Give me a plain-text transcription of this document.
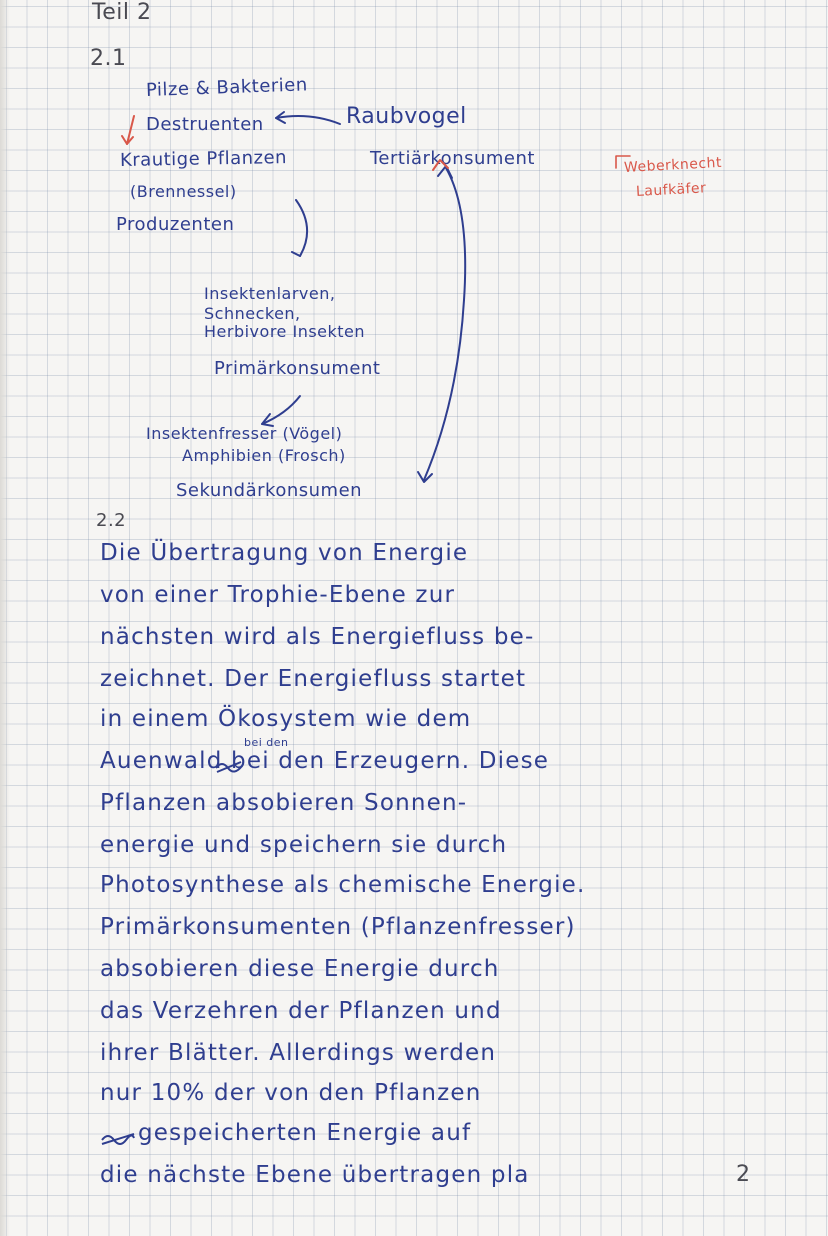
Teil 2
2.1
Pilze & Bakterien
Destruenten	Raubvogel
Krautige Pflanzen	Tertiärkonsument
(Brennessel)
Produzenten
Insektenlarven,
Schnecken,
Herbivore Insekten
Primärkonsument
Insektenfresser (Vögel)
Amphibien (Frosch)
Sekundärkonsumen
Weberknecht
Laufkäfer
2.2
bei den
Die Übertragung von Energie
von einer Trophie-Ebene zur
nächsten wird als Energiefluss be-
zeichnet. Der Energiefluss startet
in einem Ökosystem wie dem
Auenwald bei den Erzeugern. Diese
Pflanzen absobieren Sonnen-
energie und speichern sie durch
Photosynthese als chemische Energie.
Primärkonsumenten (Pflanzenfresser)
absobieren diese Energie durch
das Verzehren der Pflanzen und
ihrer Blätter. Allerdings werden
nur 10% der von den Pflanzen
gespeicherten Energie auf
die nächste Ebene übertragen pla	2
